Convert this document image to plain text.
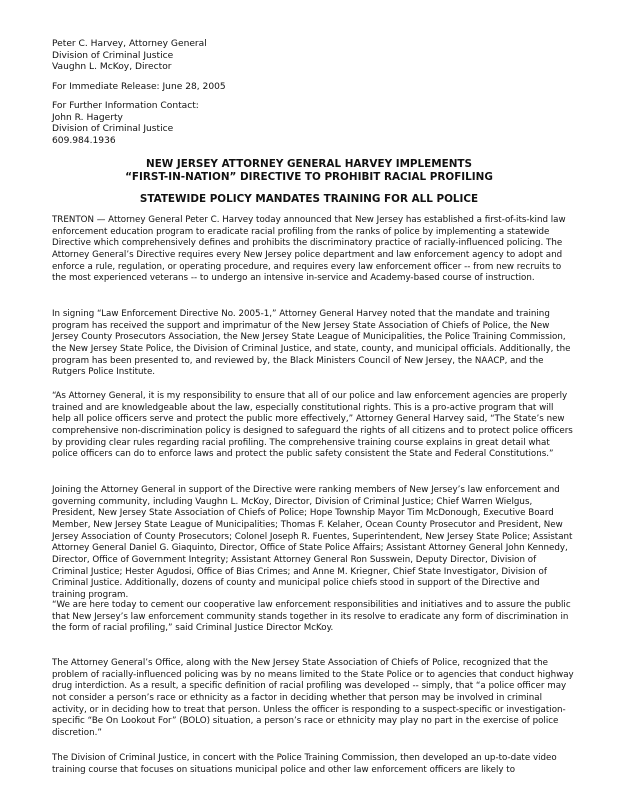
Peter C. Harvey, Attorney General
Division of Criminal Justice
Vaughn L. McKoy, Director
For Immediate Release: June 28, 2005
For Further Information Contact:
John R. Hagerty
Division of Criminal Justice
609.984.1936
NEW JERSEY ATTORNEY GENERAL HARVEY IMPLEMENTS
“FIRST-IN-NATION” DIRECTIVE TO PROHIBIT RACIAL PROFILING
STATEWIDE POLICY MANDATES TRAINING FOR ALL POLICE

TRENTON — Attorney General Peter C. Harvey today announced that New Jersey has established a first-of-its-kind law enforcement education program to eradicate racial profiling from the ranks of police by implementing a statewide Directive which comprehensively defines and prohibits the discriminatory practice of racially-influenced policing. The Attorney General’s Directive requires every New Jersey police department and law enforcement agency to adopt and enforce a rule, regulation, or operating procedure, and requires every law enforcement officer -- from new recruits to the most experienced veterans -- to undergo an intensive in-service and Academy-based course of instruction.

In signing “Law Enforcement Directive No. 2005-1,” Attorney General Harvey noted that the mandate and training program has received the support and imprimatur of the New Jersey State Association of Chiefs of Police, the New Jersey County Prosecutors Association, the New Jersey State League of Municipalities, the Police Training Commission, the New Jersey State Police, the Division of Criminal Justice, and state, county, and municipal officials. Additionally, the program has been presented to, and reviewed by, the Black Ministers Council of New Jersey, the NAACP, and the Rutgers Police Institute.

“As Attorney General, it is my responsibility to ensure that all of our police and law enforcement agencies are properly trained and are knowledgeable about the law, especially constitutional rights. This is a pro-active program that will help all police officers serve and protect the public more effectively,” Attorney General Harvey said, “The State’s new comprehensive non-discrimination policy is designed to safeguard the rights of all citizens and to protect police officers by providing clear rules regarding racial profiling. The comprehensive training course explains in great detail what police officers can do to enforce laws and protect the public safety consistent the State and Federal Constitutions.”

Joining the Attorney General in support of the Directive were ranking members of New Jersey’s law enforcement and governing community, including Vaughn L. McKoy, Director, Division of Criminal Justice; Chief Warren Wielgus, President, New Jersey State Association of Chiefs of Police; Hope Township Mayor Tim McDonough, Executive Board Member, New Jersey State League of Municipalities; Thomas F. Kelaher, Ocean County Prosecutor and President, New Jersey Association of County Prosecutors; Colonel Joseph R. Fuentes, Superintendent, New Jersey State Police; Assistant Attorney General Daniel G. Giaquinto, Director, Office of State Police Affairs; Assistant Attorney General John Kennedy, Director, Office of Government Integrity; Assistant Attorney General Ron Susswein, Deputy Director, Division of Criminal Justice; Hester Agudosi, Office of Bias Crimes; and Anne M. Kriegner, Chief State Investigator, Division of Criminal Justice. Additionally, dozens of county and municipal police chiefs stood in support of the Directive and training program.

“We are here today to cement our cooperative law enforcement responsibilities and initiatives and to assure the public that New Jersey’s law enforcement community stands together in its resolve to eradicate any form of discrimination in the form of racial profiling,” said Criminal Justice Director McKoy.

The Attorney General’s Office, along with the New Jersey State Association of Chiefs of Police, recognized that the problem of racially-influenced policing was by no means limited to the State Police or to agencies that conduct highway drug interdiction. As a result, a specific definition of racial profiling was developed -- simply, that “a police officer may not consider a person’s race or ethnicity as a factor in deciding whether that person may be involved in criminal activity, or in deciding how to treat that person. Unless the officer is responding to a suspect-specific or investigation-specific “Be On Lookout For” (BOLO) situation, a person’s race or ethnicity may play no part in the exercise of police discretion.”

The Division of Criminal Justice, in concert with the Police Training Commission, then developed an up-to-date video training course that focuses on situations municipal police and other law enforcement officers are likely to
